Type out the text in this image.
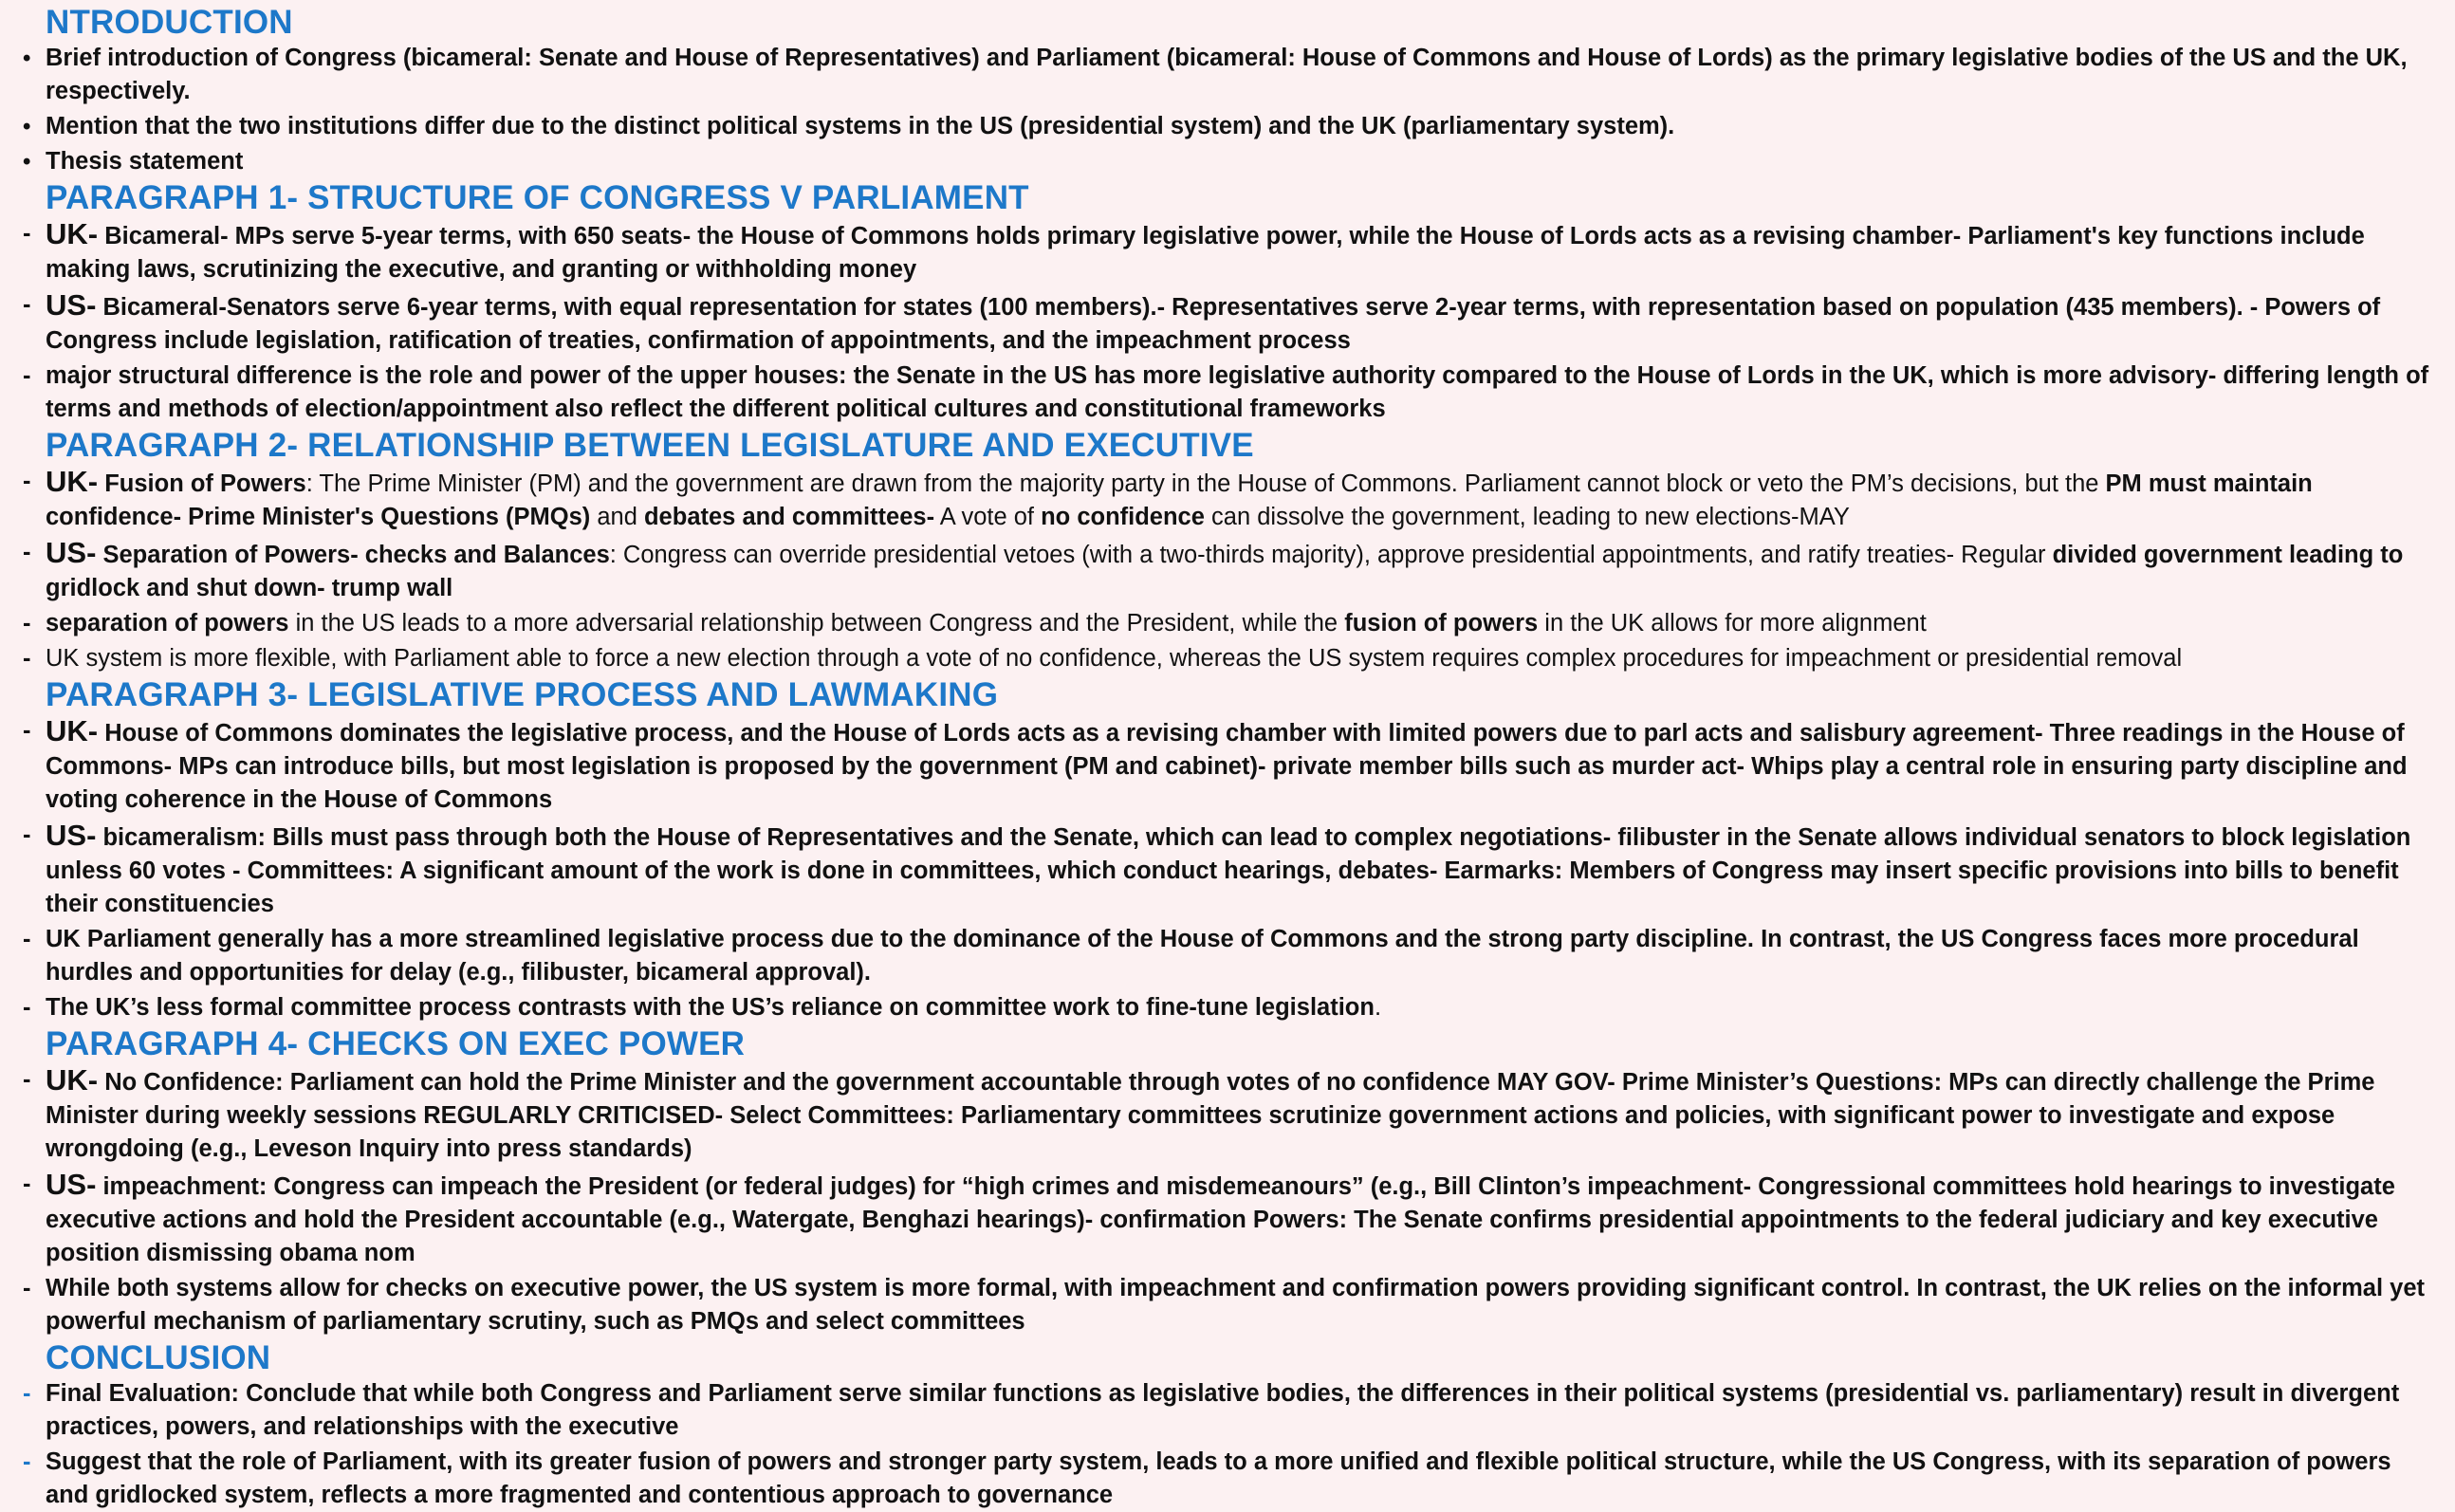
NTRODUCTION
• Brief introduction of Congress (bicameral: Senate and House of Representatives) and Parliament (bicameral: House of Commons and House of Lords) as the primary legislative bodies of the US and the UK, respectively.
• Mention that the two institutions differ due to the distinct political systems in the US (presidential system) and the UK (parliamentary system).
• Thesis statement
PARAGRAPH 1- STRUCTURE OF CONGRESS V PARLIAMENT
- UK- Bicameral- MPs serve 5-year terms, with 650 seats- the House of Commons holds primary legislative power, while the House of Lords acts as a revising chamber- Parliament's key functions include making laws, scrutinizing the executive, and granting or withholding money
- US- Bicameral-Senators serve 6-year terms, with equal representation for states (100 members).- Representatives serve 2-year terms, with representation based on population (435 members). - Powers of Congress include legislation, ratification of treaties, confirmation of appointments, and the impeachment process
- major structural difference is the role and power of the upper houses: the Senate in the US has more legislative authority compared to the House of Lords in the UK, which is more advisory- differing length of terms and methods of election/appointment also reflect the different political cultures and constitutional frameworks
PARAGRAPH 2- RELATIONSHIP BETWEEN LEGISLATURE AND EXECUTIVE
- UK- Fusion of Powers: The Prime Minister (PM) and the government are drawn from the majority party in the House of Commons. Parliament cannot block or veto the PM’s decisions, but the PM must maintain confidence- Prime Minister's Questions (PMQs) and debates and committees- A vote of no confidence can dissolve the government, leading to new elections-MAY
- US- Separation of Powers- checks and Balances: Congress can override presidential vetoes (with a two-thirds majority), approve presidential appointments, and ratify treaties- Regular divided government leading to gridlock and shut down- trump wall
- separation of powers in the US leads to a more adversarial relationship between Congress and the President, while the fusion of powers in the UK allows for more alignment
- UK system is more flexible, with Parliament able to force a new election through a vote of no confidence, whereas the US system requires complex procedures for impeachment or presidential removal
PARAGRAPH 3- LEGISLATIVE PROCESS AND LAWMAKING
- UK- House of Commons dominates the legislative process, and the House of Lords acts as a revising chamber with limited powers due to parl acts and salisbury agreement- Three readings in the House of Commons- MPs can introduce bills, but most legislation is proposed by the government (PM and cabinet)- private member bills such as murder act- Whips play a central role in ensuring party discipline and voting coherence in the House of Commons
- US- bicameralism: Bills must pass through both the House of Representatives and the Senate, which can lead to complex negotiations- filibuster in the Senate allows individual senators to block legislation unless 60 votes - Committees: A significant amount of the work is done in committees, which conduct hearings, debates- Earmarks: Members of Congress may insert specific provisions into bills to benefit their constituencies
- UK Parliament generally has a more streamlined legislative process due to the dominance of the House of Commons and the strong party discipline. In contrast, the US Congress faces more procedural hurdles and opportunities for delay (e.g., filibuster, bicameral approval).
- The UK’s less formal committee process contrasts with the US’s reliance on committee work to fine-tune legislation.
PARAGRAPH 4- CHECKS ON EXEC POWER
- UK- No Confidence: Parliament can hold the Prime Minister and the government accountable through votes of no confidence MAY GOV- Prime Minister’s Questions: MPs can directly challenge the Prime Minister during weekly sessions REGULARLY CRITICISED- Select Committees: Parliamentary committees scrutinize government actions and policies, with significant power to investigate and expose wrongdoing (e.g., Leveson Inquiry into press standards)
- US- impeachment: Congress can impeach the President (or federal judges) for “high crimes and misdemeanours” (e.g., Bill Clinton’s impeachment- Congressional committees hold hearings to investigate executive actions and hold the President accountable (e.g., Watergate, Benghazi hearings)- confirmation Powers: The Senate confirms presidential appointments to the federal judiciary and key executive position dismissing obama nom
- While both systems allow for checks on executive power, the US system is more formal, with impeachment and confirmation powers providing significant control. In contrast, the UK relies on the informal yet powerful mechanism of parliamentary scrutiny, such as PMQs and select committees
CONCLUSION
- Final Evaluation: Conclude that while both Congress and Parliament serve similar functions as legislative bodies, the differences in their political systems (presidential vs. parliamentary) result in divergent practices, powers, and relationships with the executive
- Suggest that the role of Parliament, with its greater fusion of powers and stronger party system, leads to a more unified and flexible political structure, while the US Congress, with its separation of powers and gridlocked system, reflects a more fragmented and contentious approach to governance
